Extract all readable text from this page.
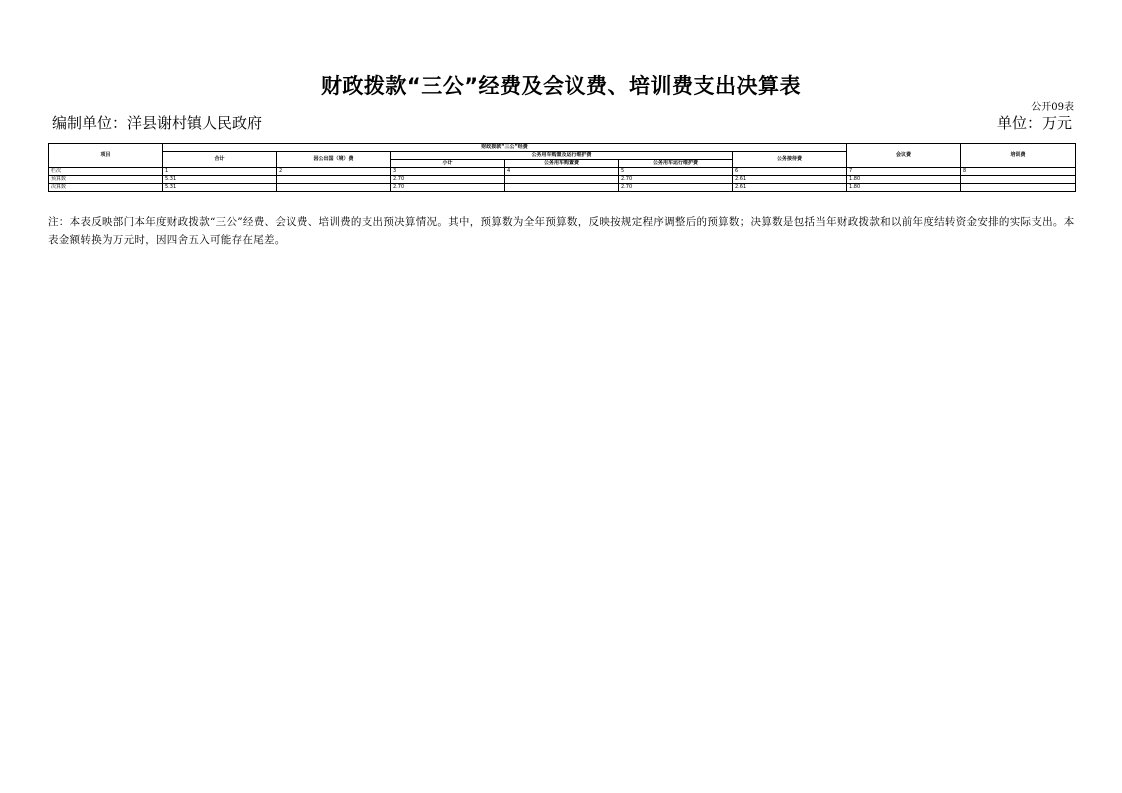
财政拨款“三公”经费及会议费、培训费支出决算表
公开09表
编制单位：洋县谢村镇人民政府	单位：万元
项目	财政拨款“三公”经费						会议费	培训费
	合计	因公出国（境）费	公务用车购置及运行维护费			公务接待费		
			小计	公务用车购置费	公务用车运行维护费			
栏次	1	2	3	4	5	6	7	8
预算数	5.31		2.70		2.70	2.61	1.80	
决算数	5.31		2.70		2.70	2.61	1.80	
注：本表反映部门本年度财政拨款“三公”经费、会议费、培训费的支出预决算情况。其中，预算数为全年预算数，反映按规定程序调整后的预算数；决算数是包括当年财政拨款和以前年度结转资金安排的实际支出。本表金额转换为万元时，因四舍五入可能存在尾差。
